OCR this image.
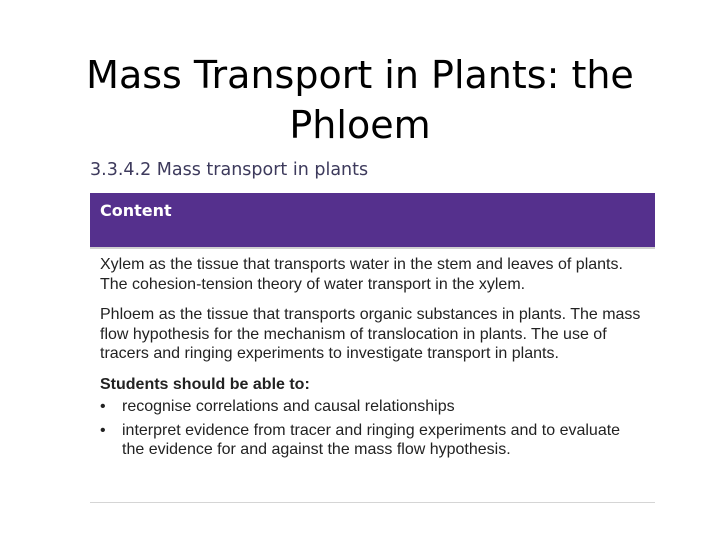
Mass Transport in Plants: the
Phloem
3.3.4.2 Mass transport in plants
Content

Xylem as the tissue that transports water in the stem and leaves of plants. The cohesion-tension theory of water transport in the xylem.

Phloem as the tissue that transports organic substances in plants. The mass flow hypothesis for the mechanism of translocation in plants. The use of tracers and ringing experiments to investigate transport in plants.

Students should be able to:

•	recognise correlations and causal relationships
•	interpret evidence from tracer and ringing experiments and to evaluate the evidence for and against the mass flow hypothesis.
